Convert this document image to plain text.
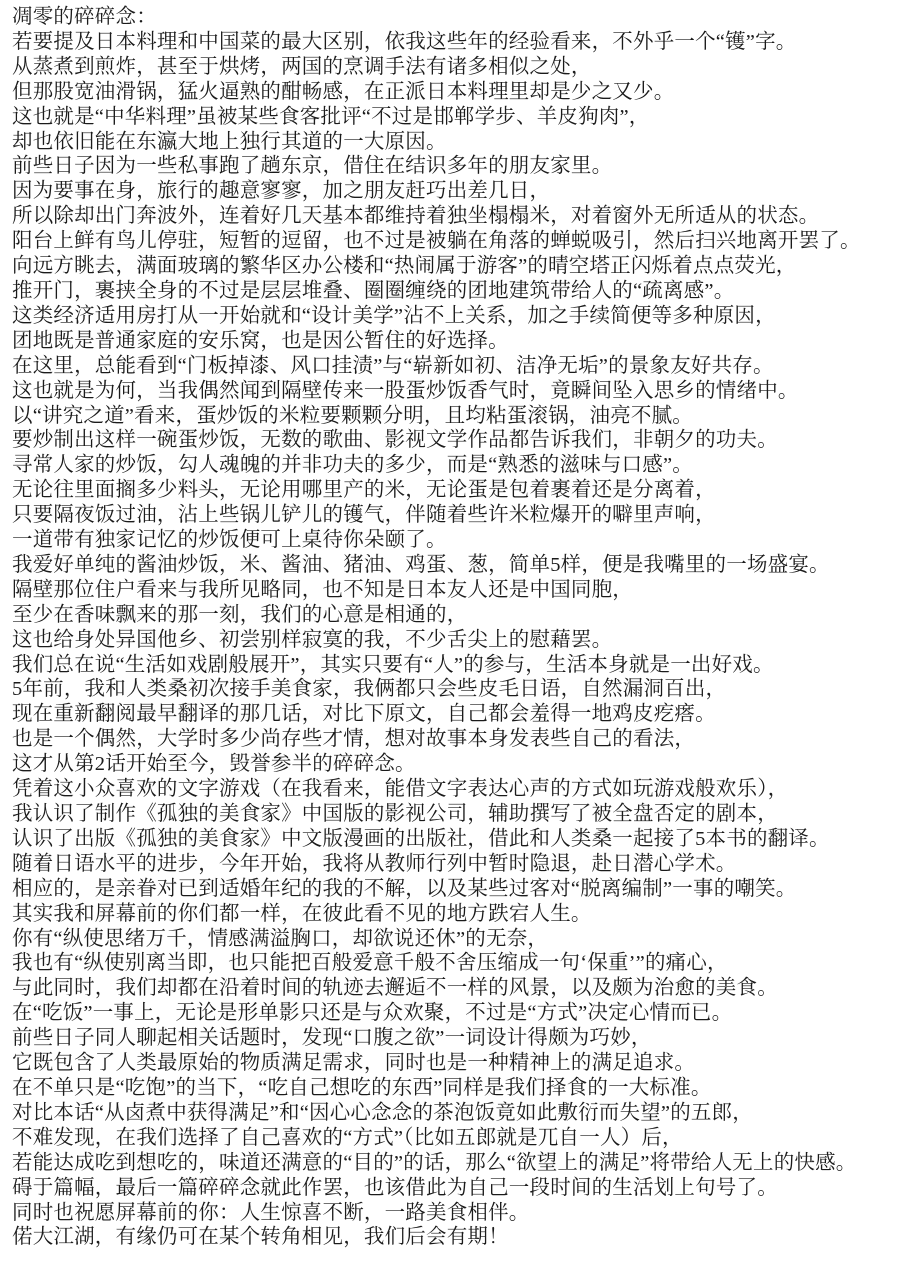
凋零的碎碎念：
若要提及日本料理和中国菜的最大区别，依我这些年的经验看来，不外乎一个“镬”字。
从蒸煮到煎炸，甚至于烘烤，两国的烹调手法有诸多相似之处，
但那股宽油滑锅，猛火逼熟的酣畅感，在正派日本料理里却是少之又少。
这也就是“中华料理”虽被某些食客批评“不过是邯郸学步、羊皮狗肉”，
却也依旧能在东瀛大地上独行其道的一大原因。
前些日子因为一些私事跑了趟东京，借住在结识多年的朋友家里。
因为要事在身，旅行的趣意寥寥，加之朋友赶巧出差几日，
所以除却出门奔波外，连着好几天基本都维持着独坐榻榻米，对着窗外无所适从的状态。
阳台上鲜有鸟儿停驻，短暂的逗留，也不过是被躺在角落的蝉蜕吸引，然后扫兴地离开罢了。
向远方眺去，满面玻璃的繁华区办公楼和“热闹属于游客”的晴空塔正闪烁着点点荧光，
推开门，裹挟全身的不过是层层堆叠、圈圈缠绕的团地建筑带给人的“疏离感”。
这类经济适用房打从一开始就和“设计美学”沾不上关系，加之手续简便等多种原因，
团地既是普通家庭的安乐窝，也是因公暂住的好选择。
在这里，总能看到“门板掉漆、风口挂渍”与“崭新如初、洁净无垢”的景象友好共存。
这也就是为何，当我偶然闻到隔壁传来一股蛋炒饭香气时，竟瞬间坠入思乡的情绪中。
以“讲究之道”看来，蛋炒饭的米粒要颗颗分明，且均粘蛋滚锅，油亮不腻。
要炒制出这样一碗蛋炒饭，无数的歌曲、影视文学作品都告诉我们，非朝夕的功夫。
寻常人家的炒饭，勾人魂魄的并非功夫的多少，而是“熟悉的滋味与口感”。
无论往里面搁多少料头，无论用哪里产的米，无论蛋是包着裹着还是分离着，
只要隔夜饭过油，沾上些锅儿铲儿的镬气，伴随着些许米粒爆开的噼里声响，
一道带有独家记忆的炒饭便可上桌待你朵颐了。
我爱好单纯的酱油炒饭，米、酱油、猪油、鸡蛋、葱，简单5样，便是我嘴里的一场盛宴。
隔壁那位住户看来与我所见略同，也不知是日本友人还是中国同胞，
至少在香味飘来的那一刻，我们的心意是相通的，
这也给身处异国他乡、初尝别样寂寞的我，不少舌尖上的慰藉罢。
我们总在说“生活如戏剧般展开”，其实只要有“人”的参与，生活本身就是一出好戏。
5年前，我和人类桑初次接手美食家，我俩都只会些皮毛日语，自然漏洞百出，
现在重新翻阅最早翻译的那几话，对比下原文，自己都会羞得一地鸡皮疙瘩。
也是一个偶然，大学时多少尚存些才情，想对故事本身发表些自己的看法，
这才从第2话开始至今，毁誉参半的碎碎念。
凭着这小众喜欢的文字游戏（在我看来，能借文字表达心声的方式如玩游戏般欢乐），
我认识了制作《孤独的美食家》中国版的影视公司，辅助撰写了被全盘否定的剧本，
认识了出版《孤独的美食家》中文版漫画的出版社，借此和人类桑一起接了5本书的翻译。
随着日语水平的进步，今年开始，我将从教师行列中暂时隐退，赴日潜心学术。
相应的，是亲眷对已到适婚年纪的我的不解，以及某些过客对“脱离编制”一事的嘲笑。
其实我和屏幕前的你们都一样，在彼此看不见的地方跌宕人生。
你有“纵使思绪万千，情感满溢胸口，却欲说还休”的无奈，
我也有“纵使别离当即，也只能把百般爱意千般不舍压缩成一句‘保重’”的痛心，
与此同时，我们却都在沿着时间的轨迹去邂逅不一样的风景，以及颇为治愈的美食。
在“吃饭”一事上，无论是形单影只还是与众欢聚，不过是“方式”决定心情而已。
前些日子同人聊起相关话题时，发现“口腹之欲”一词设计得颇为巧妙，
它既包含了人类最原始的物质满足需求，同时也是一种精神上的满足追求。
在不单只是“吃饱”的当下，“吃自己想吃的东西”同样是我们择食的一大标准。
对比本话“从卤煮中获得满足”和“因心心念念的茶泡饭竟如此敷衍而失望”的五郎，
不难发现，在我们选择了自己喜欢的“方式”（比如五郎就是兀自一人）后，
若能达成吃到想吃的，味道还满意的“目的”的话，那么“欲望上的满足”将带给人无上的快感。
碍于篇幅，最后一篇碎碎念就此作罢，也该借此为自己一段时间的生活划上句号了。
同时也祝愿屏幕前的你：人生惊喜不断，一路美食相伴。
偌大江湖，有缘仍可在某个转角相见，我们后会有期！
